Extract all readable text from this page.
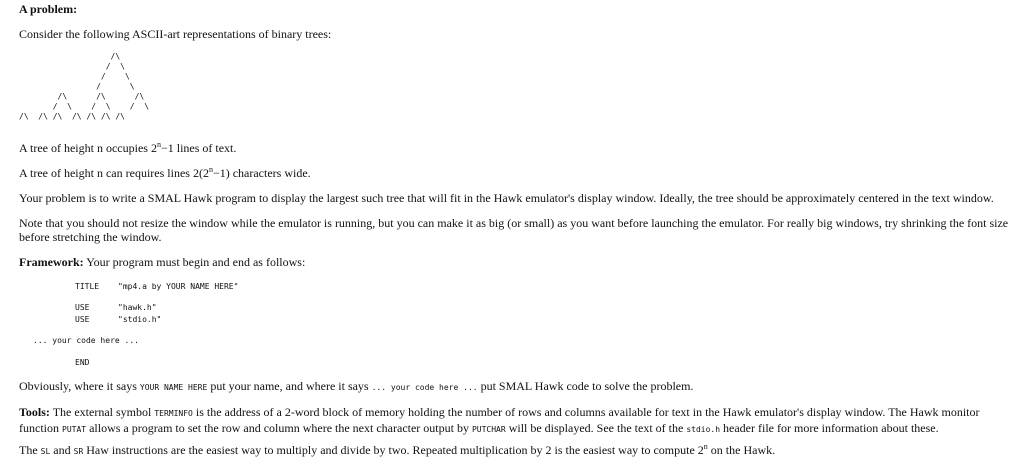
A problem:
Consider the following ASCII-art representations of binary trees:
/\
/  \
/    \
/      \
/\      /\      /\
/  \    /  \    /  \
/\  /\ /\  /\ /\ /\ /\
A tree of height n occupies $2^n-1$ lines of text.
A tree of height n can requires lines $2(2^n-1)$ characters wide.
Your problem is to write a SMAL Hawk program to display the largest such tree that will fit in the Hawk emulator's display window. Ideally, the tree should be approximately centered in the text window.
Note that you should not resize the window while the emulator is running, but you can make it as big (or small) as you want before launching the emulator. For really big windows, try shrinking the font size before stretching the window.
Framework: Your program must begin and end as follows:
TITLE "mp4.a by YOUR NAME HERE"
USE	"hawk.h"
USE	"stdio.h"
... your code here ...
END
Obviously, where it says YOUR NAME HERE put your name, and where it says ... your code here ... put SMAL Hawk code to solve the problem.
Tools: The external symbol TERMINFO is the address of a 2-word block of memory holding the number of rows and columns available for text in the Hawk emulator's display window. The Hawk monitor function PUTAT allows a program to set the row and column where the next character output by PUTCHAR will be displayed. See the text of the stdio.h header file for more information about these.
The SL and SR Haw instructions are the easiest way to multiply and divide by two. Repeated multiplication by 2 is the easiest way to compute 2$^n$ on the Hawk.
